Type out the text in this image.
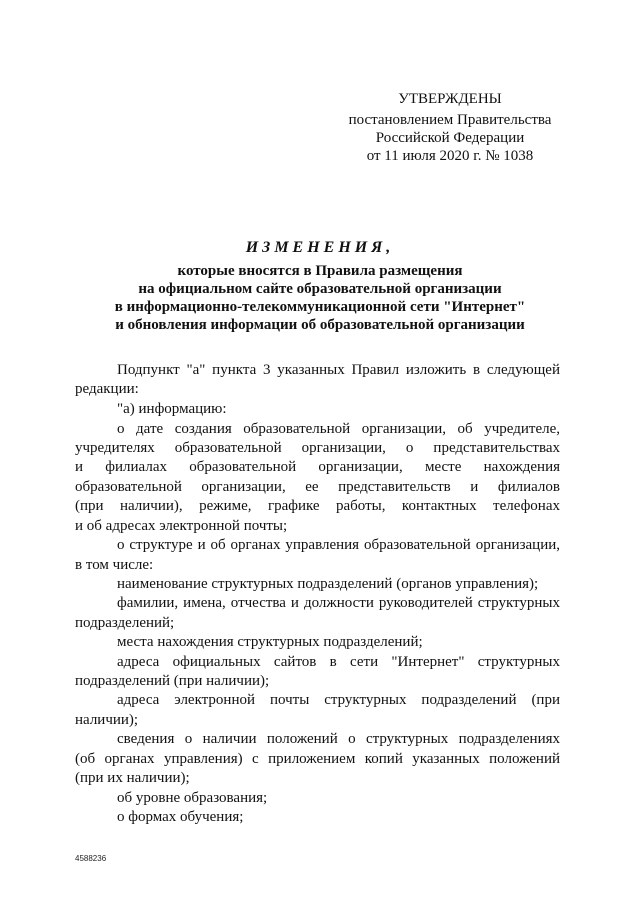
УТВЕРЖДЕНЫ
постановлением Правительства
Российской Федерации
от 11 июля 2020 г. № 1038
ИЗМЕНЕНИЯ,
которые вносятся в Правила размещения
на официальном сайте образовательной организации
в информационно-телекоммуникационной сети "Интернет"
и обновления информации об образовательной организации
Подпункт "а" пункта 3 указанных Правил изложить в следующей
редакции:
"а) информацию:
о дате создания образовательной организации, об учредителе,
учредителях образовательной организации, о представительствах
и филиалах образовательной организации, месте нахождения
образовательной организации, ее представительств и филиалов
(при наличии), режиме, графике работы, контактных телефонах
и об адресах электронной почты;
о структуре и об органах управления образовательной организации,
в том числе:
наименование структурных подразделений (органов управления);
фамилии, имена, отчества и должности руководителей структурных
подразделений;
места нахождения структурных подразделений;
адреса официальных сайтов в сети "Интернет" структурных
подразделений (при наличии);
адреса электронной почты структурных подразделений (при
наличии);
сведения о наличии положений о структурных подразделениях
(об органах управления) с приложением копий указанных положений
(при их наличии);
об уровне образования;
о формах обучения;
4588236
